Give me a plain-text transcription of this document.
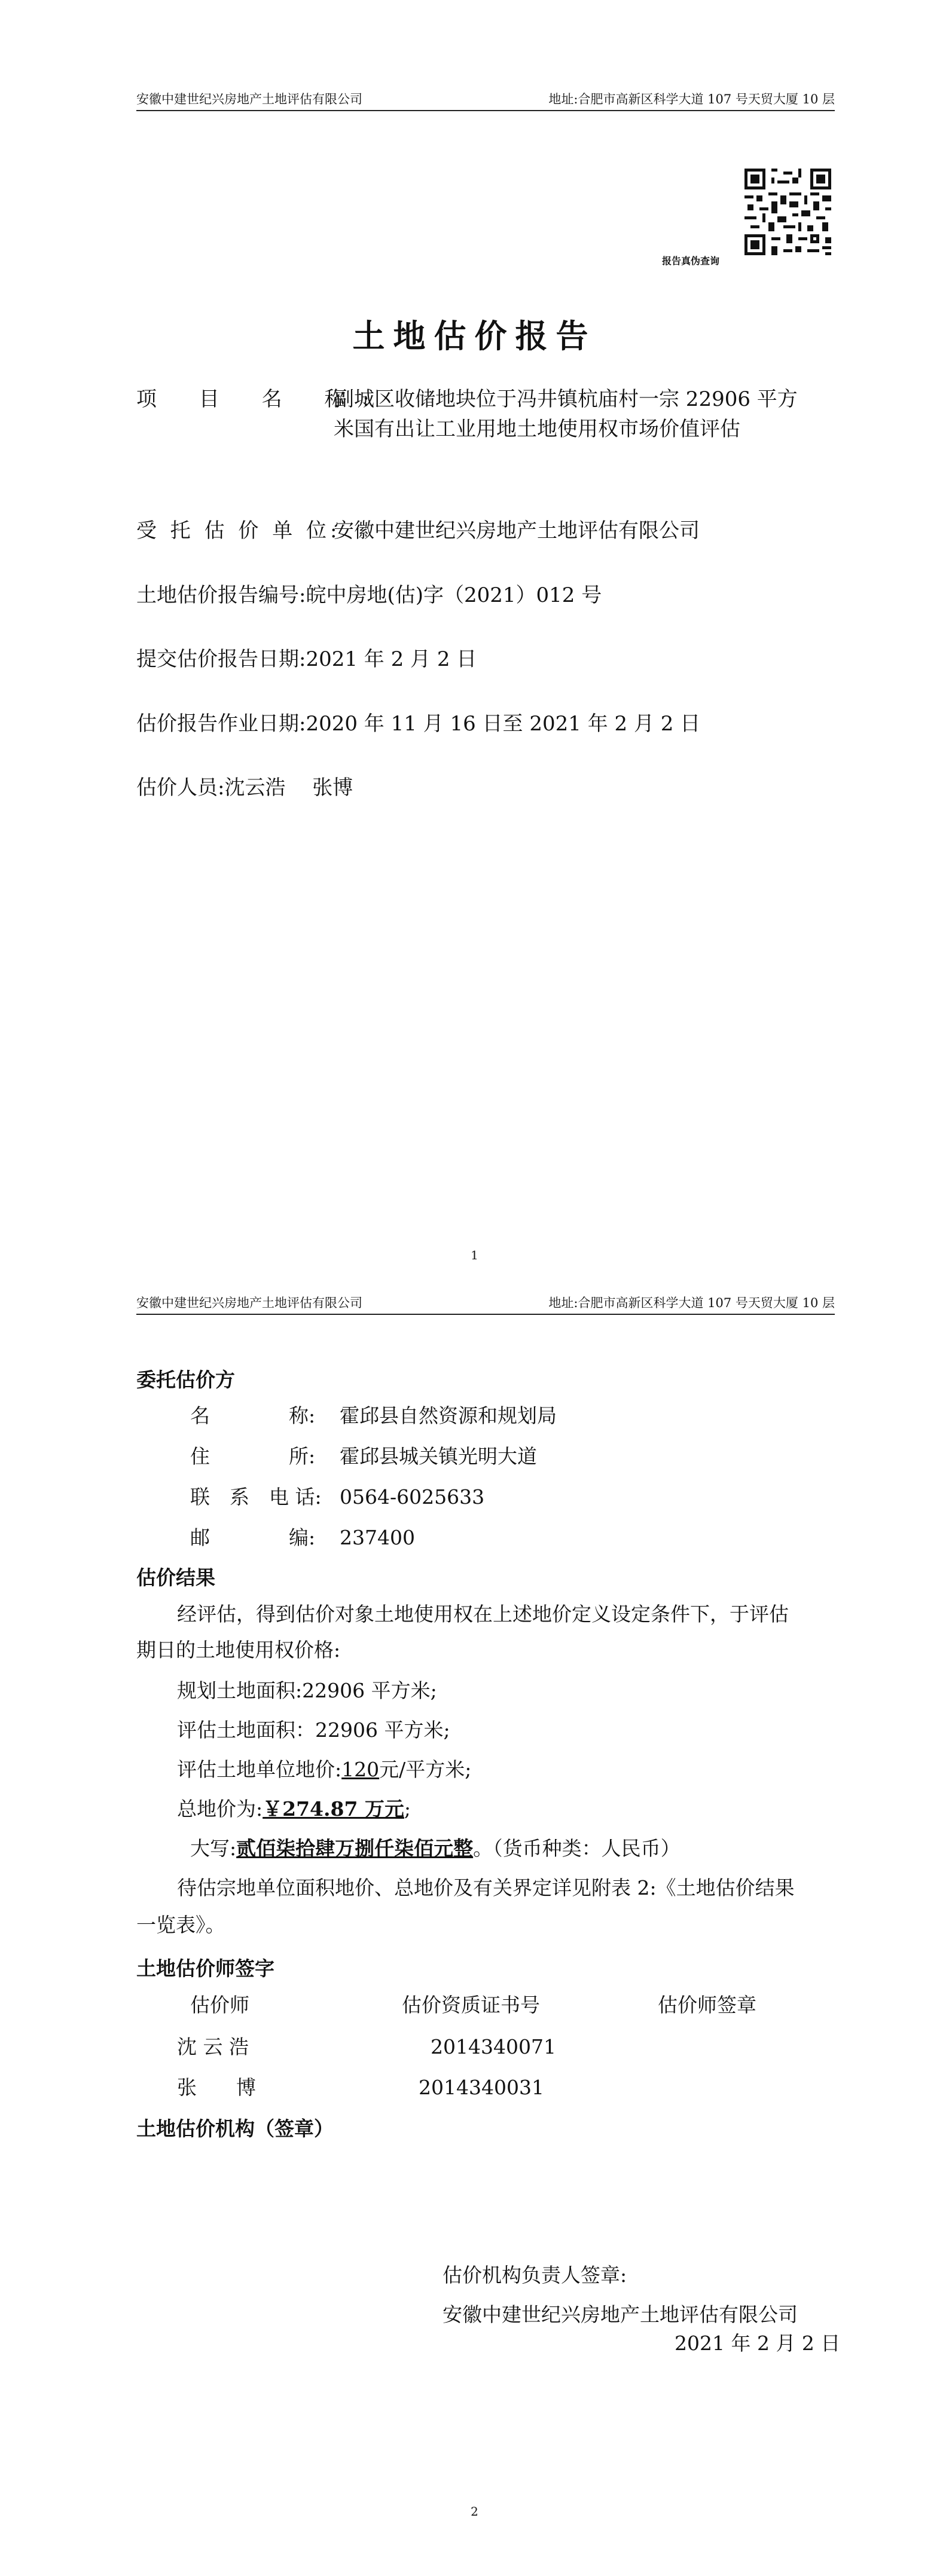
安徽中建世纪兴房地产土地评估有限公司	地址:合肥市高新区科学大道 107 号天贸大厦 10 层
报告真伪查询
土地估价报告
项 目 名 称:副城区收储地块位于冯井镇杭庙村一宗 22906 平方
米国有出让工业用地土地使用权市场价值评估
受 托 估 价 单 位:安徽中建世纪兴房地产土地评估有限公司
土地估价报告编号:皖中房地(估)字（2021）012 号
提交估价报告日期:2021 年 2 月 2 日
估价报告作业日期:2020 年 11 月 16 日至 2021 年 2 月 2 日
估价人员:沈云浩　 张博
1
安徽中建世纪兴房地产土地评估有限公司	地址:合肥市高新区科学大道 107 号天贸大厦 10 层
委托估价方
名　　　　称: 霍邱县自然资源和规划局
住　　　　所: 霍邱县城关镇光明大道
联　系　电 话: 0564-6025633
邮　　　　编: 237400
估价结果
经评估，得到估价对象土地使用权在上述地价定义设定条件下，于评估
期日的土地使用权价格:
规划土地面积:22906 平方米;
评估土地面积：22906 平方米;
评估土地单位地价:120元/平方米;
总地价为:￥274.87 万元;
大写:贰佰柒拾肆万捌仟柒佰元整。（货币种类：人民币）
待估宗地单位面积地价、总地价及有关界定详见附表 2:《土地估价结果
一览表》。
土地估价师签字
估价师	估价资质证书号	估价师签章
沈 云 浩	2014340071
张　　博	2014340031
土地估价机构（签章）
估价机构负责人签章:
安徽中建世纪兴房地产土地评估有限公司
2021 年 2 月 2 日
2
